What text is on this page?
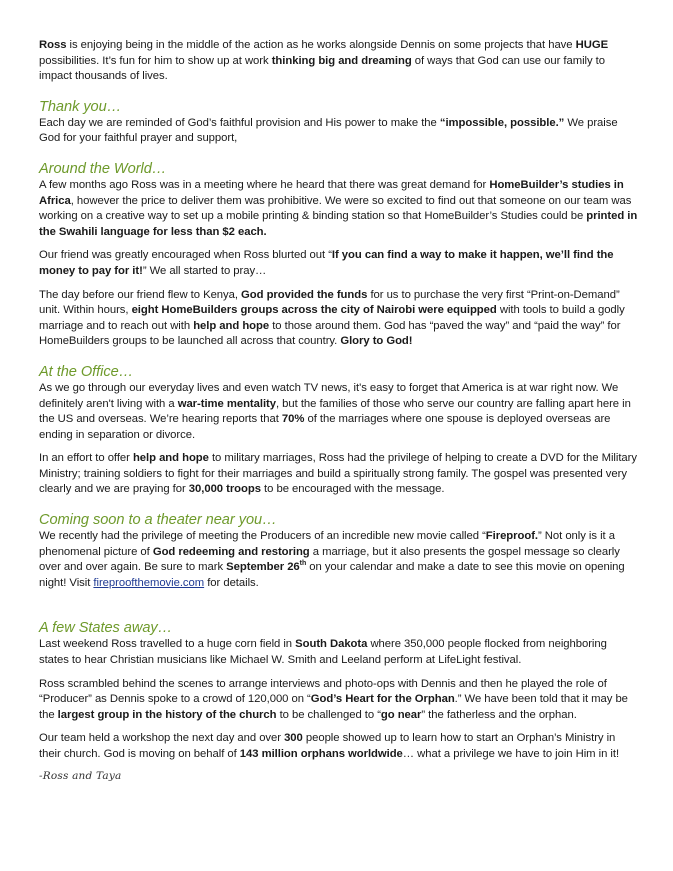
Ross is enjoying being in the middle of the action as he works alongside Dennis on some projects that have HUGE possibilities. It’s fun for him to show up at work thinking big and dreaming of ways that God can use our family to impact thousands of lives.

Thank you…

Each day we are reminded of God’s faithful provision and His power to make the “impossible, possible.” We praise God for your faithful prayer and support,

Around the World…

A few months ago Ross was in a meeting where he heard that there was great demand for HomeBuilder’s studies in Africa, however the price to deliver them was prohibitive. We were so excited to find out that someone on our team was working on a creative way to set up a mobile printing & binding station so that HomeBuilder’s Studies could be printed in the Swahili language for less than $2 each.

Our friend was greatly encouraged when Ross blurted out “If you can find a way to make it happen, we’ll find the money to pay for it!” We all started to pray…

The day before our friend flew to Kenya, God provided the funds for us to purchase the very first “Print-on-Demand” unit. Within hours, eight HomeBuilders groups across the city of Nairobi were equipped with tools to build a godly marriage and to reach out with help and hope to those around them. God has “paved the way” and “paid the way” for HomeBuilders groups to be launched all across that country. Glory to God!

At the Office…

As we go through our everyday lives and even watch TV news, it's easy to forget that America is at war right now. We definitely aren't living with a war-time mentality, but the families of those who serve our country are falling apart here in the US and overseas. We’re hearing reports that 70% of the marriages where one spouse is deployed overseas are ending in separation or divorce.

In an effort to offer help and hope to military marriages, Ross had the privilege of helping to create a DVD for the Military Ministry; training soldiers to fight for their marriages and build a spiritually strong family. The gospel was presented very clearly and we are praying for 30,000 troops to be encouraged with the message.

Coming soon to a theater near you…

We recently had the privilege of meeting the Producers of an incredible new movie called “Fireproof.” Not only is it a phenomenal picture of God redeeming and restoring a marriage, but it also presents the gospel message so clearly over and over again. Be sure to mark September 26th on your calendar and make a date to see this movie on opening night! Visit fireproofthemovie.com for details.

A few States away…

Last weekend Ross travelled to a huge corn field in South Dakota where 350,000 people flocked from neighboring states to hear Christian musicians like Michael W. Smith and Leeland perform at LifeLight festival.

Ross scrambled behind the scenes to arrange interviews and photo-ops with Dennis and then he played the role of “Producer” as Dennis spoke to a crowd of 120,000 on “God’s Heart for the Orphan.” We have been told that it may be the largest group in the history of the church to be challenged to “go near” the fatherless and the orphan.

Our team held a workshop the next day and over 300 people showed up to learn how to start an Orphan’s Ministry in their church. God is moving on behalf of 143 million orphans worldwide… what a privilege we have to join Him in it!

-Ross and Taya
